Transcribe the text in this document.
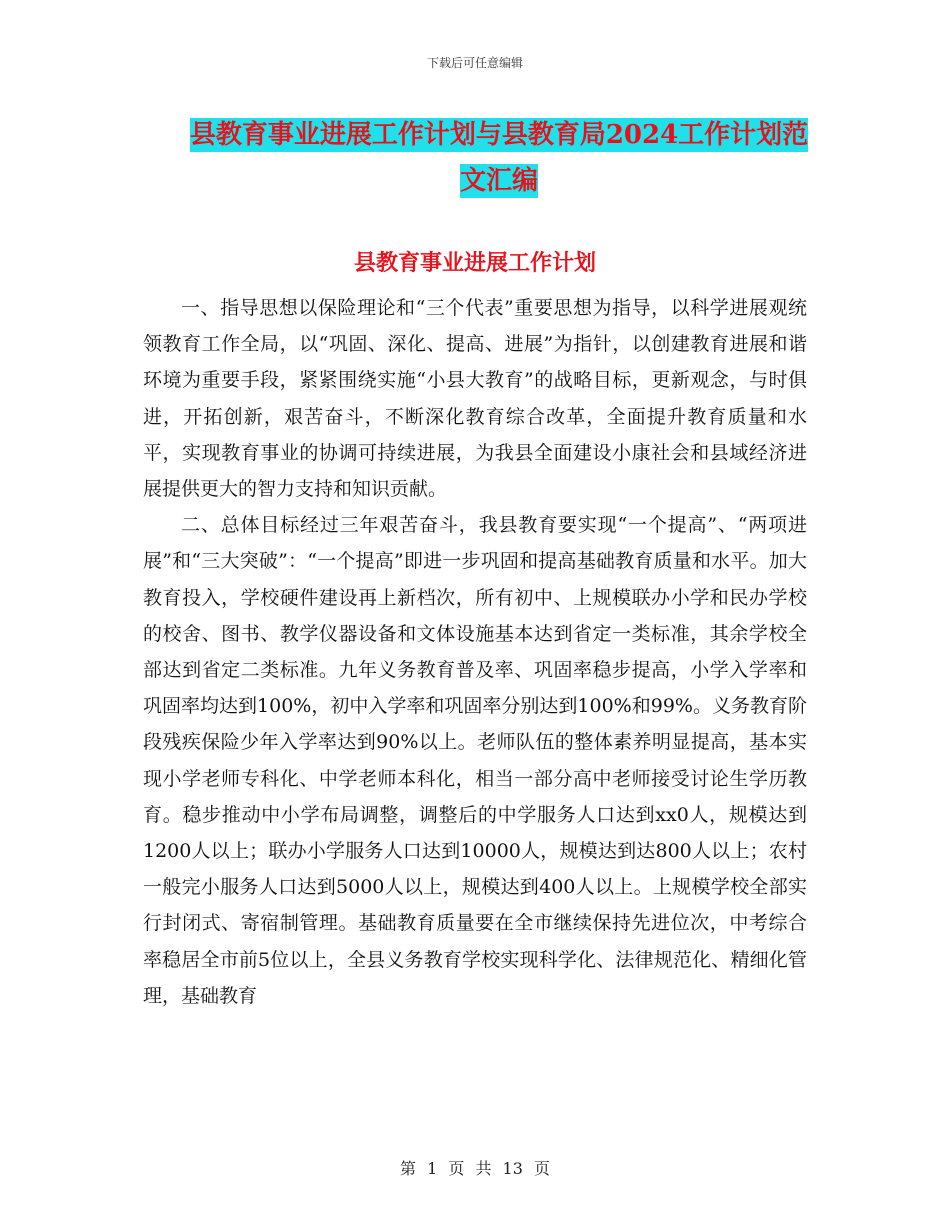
下载后可任意编辑
县教育事业进展工作计划与县教育局2024工作计划范文汇编
县教育事业进展工作计划

一、指导思想以保险理论和“三个代表”重要思想为指导，以科学进展观统领教育工作全局，以“巩固、深化、提高、进展”为指针，以创建教育进展和谐环境为重要手段，紧紧围绕实施“小县大教育”的战略目标，更新观念，与时俱进，开拓创新，艰苦奋斗，不断深化教育综合改革，全面提升教育质量和水平，实现教育事业的协调可持续进展，为我县全面建设小康社会和县域经济进展提供更大的智力支持和知识贡献。

二、总体目标经过三年艰苦奋斗，我县教育要实现“一个提高”、“两项进展”和“三大突破”：“一个提高”即进一步巩固和提高基础教育质量和水平。加大教育投入，学校硬件建设再上新档次，所有初中、上规模联办小学和民办学校的校舍、图书、教学仪器设备和文体设施基本达到省定一类标准，其余学校全部达到省定二类标准。九年义务教育普及率、巩固率稳步提高，小学入学率和巩固率均达到100%，初中入学率和巩固率分别达到100%和99%。义务教育阶段残疾保险少年入学率达到90%以上。老师队伍的整体素养明显提高，基本实现小学老师专科化、中学老师本科化，相当一部分高中老师接受讨论生学历教育。稳步推动中小学布局调整，调整后的中学服务人口达到xx0人，规模达到1200人以上；联办小学服务人口达到10000人，规模达到达800人以上；农村一般完小服务人口达到5000人以上，规模达到400人以上。上规模学校全部实行封闭式、寄宿制管理。基础教育质量要在全市继续保持先进位次，中考综合率稳居全市前5位以上，全县义务教育学校实现科学化、法律规范化、精细化管理，基础教育

第 1 页 共 13 页
